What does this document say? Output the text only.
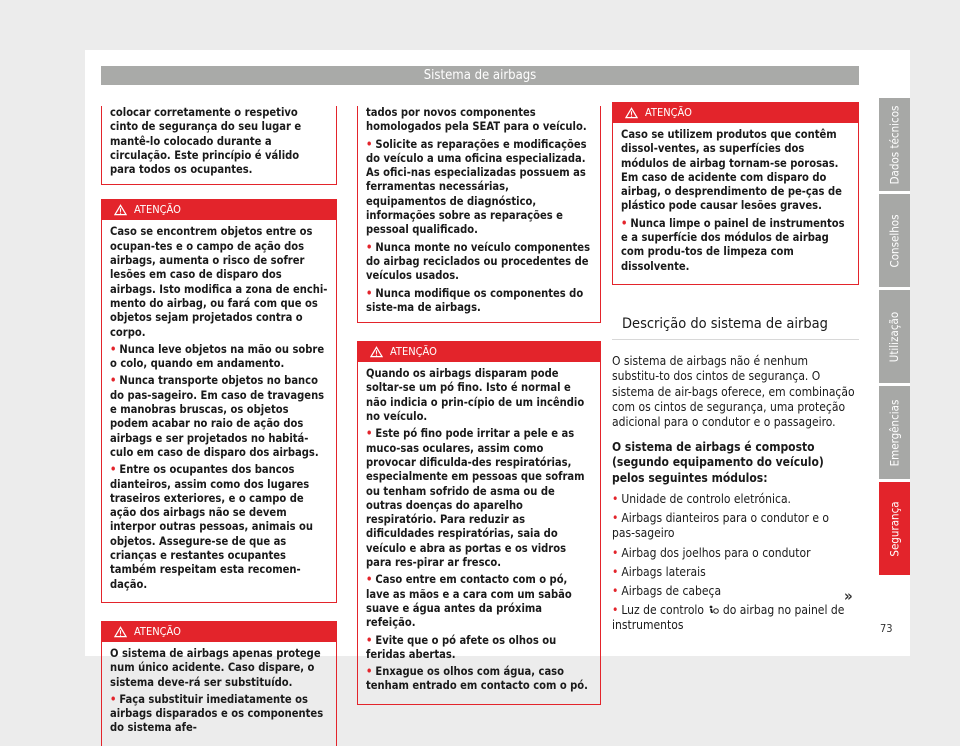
Sistema de airbags

colocar corretamente o respetivo cinto de segurança do seu lugar e mantê-lo colocado durante a circulação. Este princípio é válido para todos os ocupantes.

ATENÇÃO

Caso se encontrem objetos entre os ocupan-tes e o campo de ação dos airbags, aumenta o risco de sofrer lesões em caso de disparo dos airbags. Isto modifica a zona de enchi-mento do airbag, ou fará com que os objetos sejam projetados contra o corpo.

• Nunca leve objetos na mão ou sobre o colo, quando em andamento.

• Nunca transporte objetos no banco do pas-sageiro. Em caso de travagens e manobras bruscas, os objetos podem acabar no raio de ação dos airbags e ser projetados no habitá-culo em caso de disparo dos airbags.

• Entre os ocupantes dos bancos dianteiros, assim como dos lugares traseiros exteriores, e o campo de ação dos airbags não se devem interpor outras pessoas, animais ou objetos. Assegure-se de que as crianças e restantes ocupantes também respeitam esta recomen-dação.

ATENÇÃO

O sistema de airbags apenas protege num único acidente. Caso dispare, o sistema deve-rá ser substituído.

• Faça substituir imediatamente os airbags disparados e os componentes do sistema afe-

tados por novos componentes homologados pela SEAT para o veículo.

• Solicite as reparações e modificações do veículo a uma oficina especializada. As ofici-nas especializadas possuem as ferramentas necessárias, equipamentos de diagnóstico, informações sobre as reparações e pessoal qualificado.

• Nunca monte no veículo componentes do airbag reciclados ou procedentes de veículos usados.

• Nunca modifique os componentes do siste-ma de airbags.

ATENÇÃO

Quando os airbags disparam pode soltar-se um pó fino. Isto é normal e não indicia o prin-cípio de um incêndio no veículo.

• Este pó fino pode irritar a pele e as muco-sas oculares, assim como provocar dificulda-des respiratórias, especialmente em pessoas que sofram ou tenham sofrido de asma ou de outras doenças do aparelho respiratório. Para reduzir as dificuldades respiratórias, saia do veículo e abra as portas e os vidros para res-pirar ar fresco.

• Caso entre em contacto com o pó, lave as mãos e a cara com um sabão suave e água antes da próxima refeição.

• Evite que o pó afete os olhos ou feridas abertas.

• Enxague os olhos com água, caso tenham entrado em contacto com o pó.

ATENÇÃO

Caso se utilizem produtos que contêm dissol-ventes, as superfícies dos módulos de airbag tornam-se porosas. Em caso de acidente com disparo do airbag, o desprendimento de pe-ças de plástico pode causar lesões graves.

• Nunca limpe o painel de instrumentos e a superfície dos módulos de airbag com produ-tos de limpeza com dissolvente.

Descrição do sistema de airbag

O sistema de airbags não é nenhum substitu-to dos cintos de segurança. O sistema de air-bags oferece, em combinação com os cintos de segurança, uma proteção adicional para o condutor e o passageiro.

O sistema de airbags é composto (segundo equipamento do veículo) pelos seguintes módulos:

• Unidade de controlo eletrónica.

• Airbags dianteiros para o condutor e o pas-sageiro

• Airbag dos joelhos para o condutor

• Airbags laterais

• Airbags de cabeça

• Luz de controlo do airbag no painel de instrumentos

Dados técnicos
Conselhos
Utilização
Emergências
Segurança
»
73
